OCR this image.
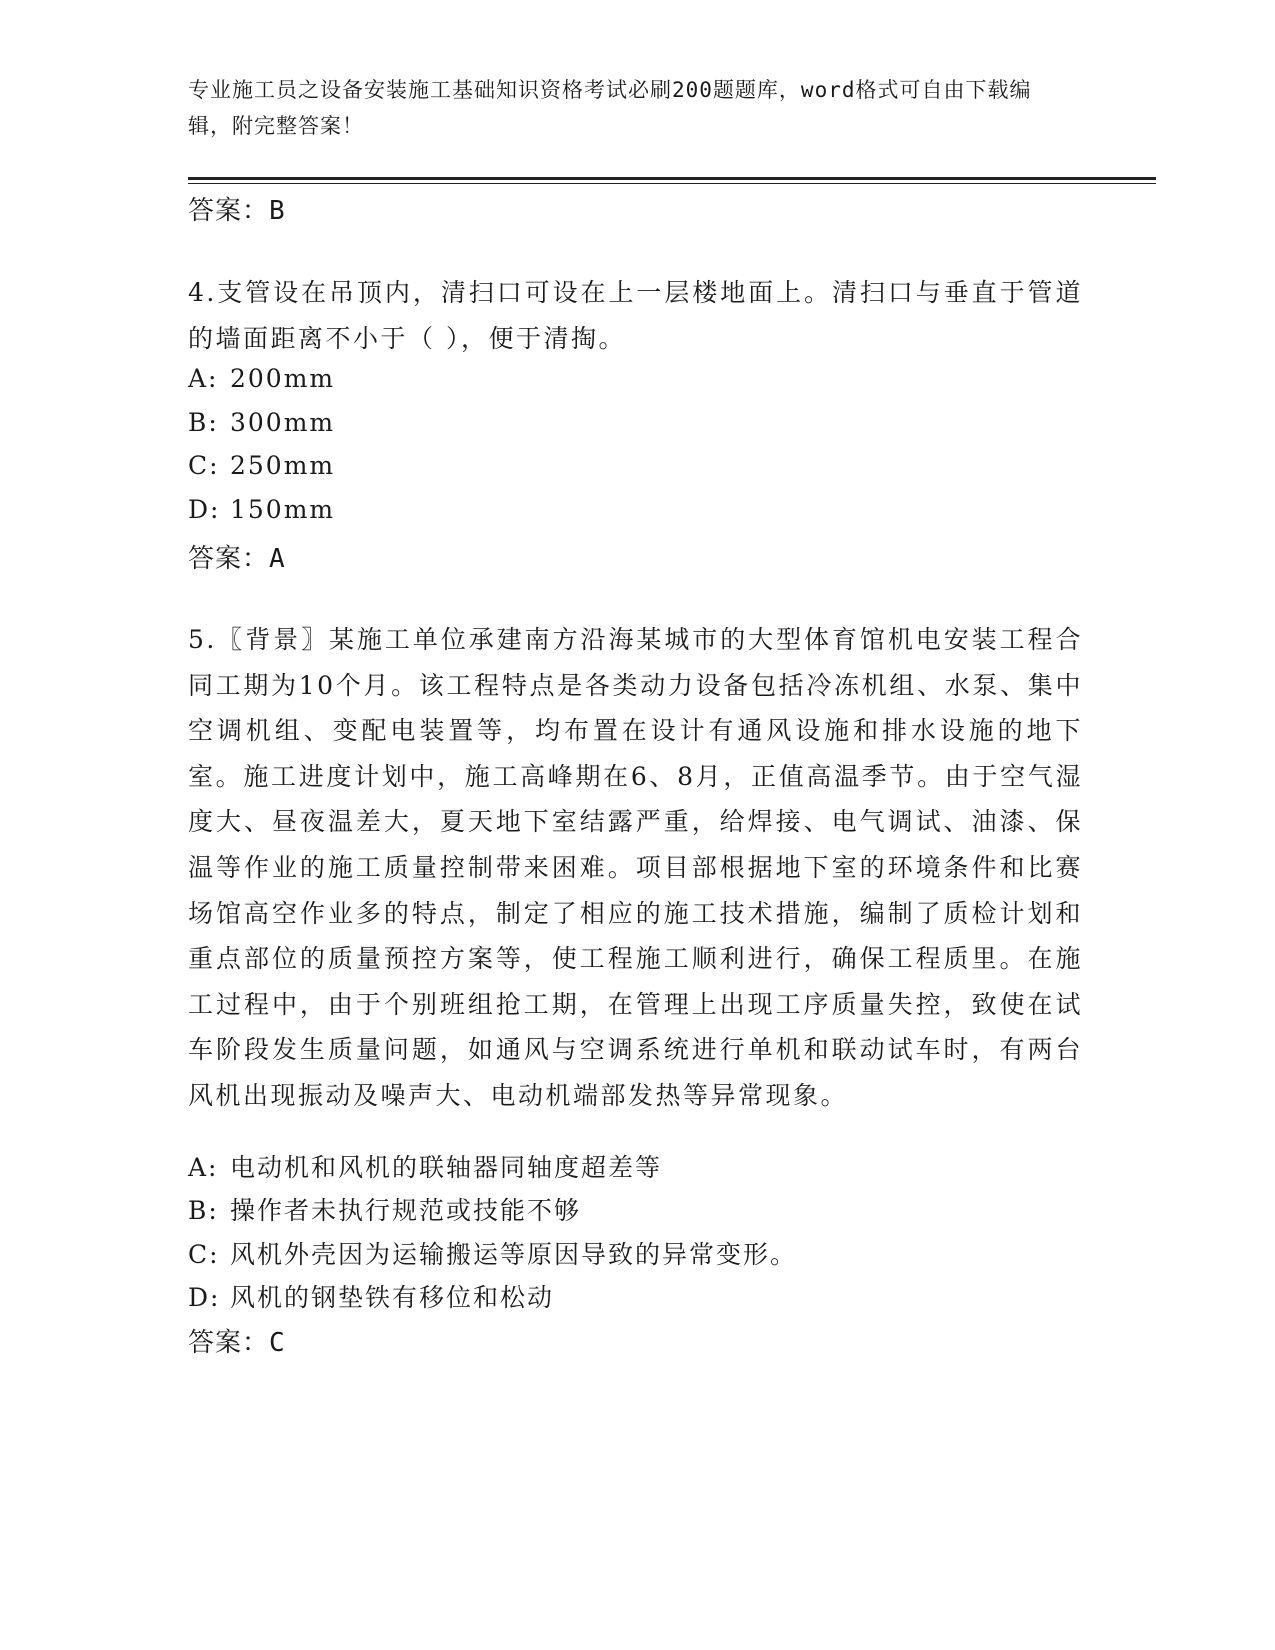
专业施工员之设备安装施工基础知识资格考试必刷200题题库，word格式可自由下载编辑，附完整答案！
答案：B
4.支管设在吊顶内，清扫口可设在上一层楼地面上。清扫口与垂直于管道的墙面距离不小于（ ），便于清掏。
A: 200mm
B: 300mm
C: 250mm
D: 150mm
答案：A
5.〖背景〗某施工单位承建南方沿海某城市的大型体育馆机电安装工程合同工期为10个月。该工程特点是各类动力设备包括冷冻机组、水泵、集中空调机组、变配电装置等，均布置在设计有通风设施和排水设施的地下室。施工进度计划中，施工高峰期在6、8月，正值高温季节。由于空气湿度大、昼夜温差大，夏天地下室结露严重，给焊接、电气调试、油漆、保温等作业的施工质量控制带来困难。项目部根据地下室的环境条件和比赛场馆高空作业多的特点，制定了相应的施工技术措施，编制了质检计划和重点部位的质量预控方案等，使工程施工顺利进行，确保工程质里。在施工过程中，由于个别班组抢工期，在管理上出现工序质量失控，致使在试车阶段发生质量问题，如通风与空调系统进行单机和联动试车时，有两台风机出现振动及噪声大、电动机端部发热等异常现象。
A: 电动机和风机的联轴器同轴度超差等
B: 操作者未执行规范或技能不够
C: 风机外壳因为运输搬运等原因导致的异常变形。
D: 风机的钢垫铁有移位和松动
答案：C
